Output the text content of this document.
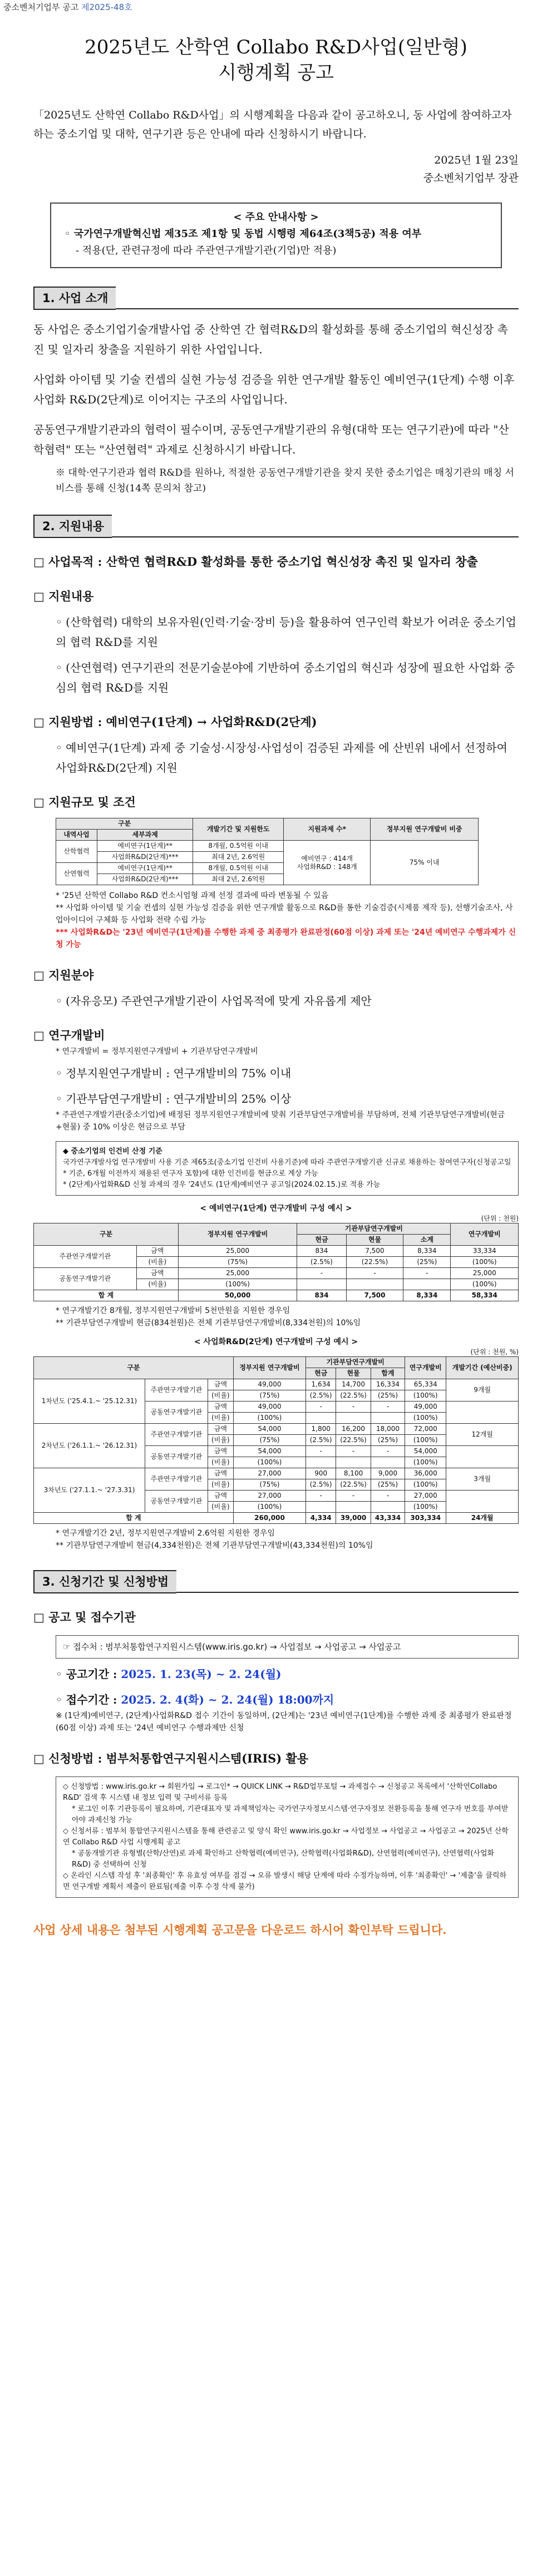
중소벤처기업부 공고 제2025-48호
2025년도 산학연 Collabo R&D사업(일반형)
시행계획 공고
「2025년도 산학연 Collabo R&D사업」의 시행계획을 다음과 같이 공고하오니, 동 사업에 참여하고자 하는 중소기업 및 대학, 연구기관 등은 안내에 따라 신청하시기 바랍니다.
2025년 1월 23일
중소벤처기업부 장관
< 주요 안내사항 >
◦ 국가연구개발혁신법 제35조 제1항 및 동법 시행령 제64조(3책5공) 적용 여부
- 적용(단, 관련규정에 따라 주관연구개발기관(기업)만 적용)
1. 사업 소개
동 사업은 중소기업기술개발사업 중 산학연 간 협력R&D의 활성화를 통해 중소기업의 혁신성장 촉진 및 일자리 창출을 지원하기 위한 사업입니다.
사업화 아이템 및 기술 컨셉의 실현 가능성 검증을 위한 연구개발 활동인 예비연구(1단계) 수행 이후 사업화 R&D(2단계)로 이어지는 구조의 사업입니다.
공동연구개발기관과의 협력이 필수이며, 공동연구개발기관의 유형(대학 또는 연구기관)에 따라 "산학협력" 또는 "산연협력" 과제로 신청하시기 바랍니다.
※ 대학·연구기관과 협력 R&D를 원하나, 적절한 공동연구개발기관을 찾지 못한 중소기업은 매칭기관의 매칭 서비스를 통해 신청(14쪽 문의처 참고)
2. 지원내용
□ 사업목적 : 산학연 협력R&D 활성화를 통한 중소기업 혁신성장 촉진 및 일자리 창출
□ 지원내용
◦ (산학협력) 대학의 보유자원(인력·기술·장비 등)을 활용하여 연구인력 확보가 어려운 중소기업의 협력 R&D를 지원
◦ (산연협력) 연구기관의 전문기술분야에 기반하여 중소기업의 혁신과 성장에 필요한 사업화 중심의 협력 R&D를 지원
□ 지원방법 : 예비연구(1단계) → 사업화R&D(2단계)
◦ 예비연구(1단계) 과제 중 기술성·시장성·사업성이 검증된 과제를 에 산빈위 내에서 선정하여 사업화R&D(2단계) 지원
□ 지원규모 및 조건
구분		개발기간 및 지원한도	지원과제 수*	정부지원 연구개발비 비중
내역사업	세부과제			
산학협력	예비연구(1단계)**	8개월, 0.5억원 이내	예비연구 : 414개
사업화R&D : 148개	75% 이내
	사업화R&D(2단계)***	최대 2년, 2.6억원		
산연협력	예비연구(1단계)**	8개월, 0.5억원 이내		
	사업화R&D(2단계)***	최대 2년, 2.6억원		
* '25년 산학연 Collabo R&D 컨소시엄형 과제 선정 결과에 따라 변동될 수 있음
** 사업화 아이템 및 기술 컨셉의 실현 가능성 검증을 위한 연구개발 활동으로 R&D를 통한 기술검증(시제품 제작 등), 선행기술조사, 사업아이디어 구체화 등 사업화 전략 수립 가능
*** 사업화R&D는 '23년 예비연구(1단계)를 수행한 과제 중 최종평가 완료판정(60점 이상) 과제 또는 '24년 예비연구 수행과제가 신청 가능
□ 지원분야
◦ (자유응모) 주관연구개발기관이 사업목적에 맞게 자유롭게 제안
□ 연구개발비
* 연구개발비 = 정부지원연구개발비 + 기관부담연구개발비
◦ 정부지원연구개발비 : 연구개발비의 75% 이내
◦ 기관부담연구개발비 : 연구개발비의 25% 이상
* 주관연구개발기관(중소기업)에 배정된 정부지원연구개발비에 맞춰 기관부담연구개발비를 부담하며, 전체 기관부담연구개발비(현금+현물) 중 10% 이상은 현금으로 부담
◆ 중소기업의 인건비 산정 기준
국가연구개발사업 연구개발비 사용 기준 제65조(중소기업 인건비 사용기준)에 따라 주관연구개발기관 신규로 채용하는 참여연구자(신청공고일* 기준, 6개월 이전까지 채용된 연구자 포함)에 대한 인건비를 현금으로 계상 가능
* (2단계)사업화R&D 신청 과제의 경우 '24년도 (1단계)예비연구 공고일(2024.02.15.)로 적용 가능
< 예비연구(1단계) 연구개발비 구성 예시 >
(단위 : 천원)
구분		정부지원 연구개발비	기관부담연구개발비			연구개발비
			현금	현물	소계	
주관연구개발기관	금액	25,000	834	7,500	8,334	33,334
	(비율)	(75%)	(2.5%)	(22.5%)	(25%)	(100%)
공동연구개발기관	금액	25,000	-	-	-	25,000
	(비율)	(100%)				(100%)
합 계		50,000	834	7,500	8,334	58,334
* 연구개발기간 8개월, 정부지원연구개발비 5천만원을 지원한 경우임
** 기관부담연구개발비 현금(834천원)은 전체 기관부담연구개발비(8,334천원)의 10%임
< 사업화R&D(2단계) 연구개발비 구성 예시 >
(단위 : 천원, %)
구분			정부지원 연구개발비	기관부담연구개발비			연구개발비	개발기간 (예산비중)
				현금	현물	합계		
1차년도 ('25.4.1.~ '25.12.31)	주관연구개발기관	금액	49,000	1,634	14,700	16,334	65,334	9개월
		(비율)	(75%)	(2.5%)	(22.5%)	(25%)	(100%)	
	공동연구개발기관	금액	49,000	-	-	-	49,000	
		(비율)	(100%)				(100%)	
2차년도 ('26.1.1.~ '26.12.31)	주관연구개발기관	금액	54,000	1,800	16,200	18,000	72,000	12개월
		(비율)	(75%)	(2.5%)	(22.5%)	(25%)	(100%)	
	공동연구개발기관	금액	54,000	-	-	-	54,000	
		(비율)	(100%)				(100%)	
3차년도 ('27.1.1.~ '27.3.31)	주관연구개발기관	금액	27,000	900	8,100	9,000	36,000	3개월
		(비율)	(75%)	(2.5%)	(22.5%)	(25%)	(100%)	
	공동연구개발기관	금액	27,000	-	-	-	27,000	
		(비율)	(100%)				(100%)	
합 계			260,000	4,334	39,000	43,334	303,334	24개월
* 연구개발기간 2년, 정부지원연구개발비 2.6억원 지원한 경우임
** 기관부담연구개발비 현금(4,334천원)은 전체 기관부담연구개발비(43,334천원)의 10%임
3. 신청기간 및 신청방법
□ 공고 및 접수기관
☞ 접수처 : 범부처통합연구지원시스템(www.iris.go.kr) → 사업접보 → 사업공고 → 사업공고
◦ 공고기간 : 2025. 1. 23(목) ~ 2. 24(월)
◦ 접수기간 : 2025. 2. 4(화) ~ 2. 24(월) 18:00까지
※ (1단계)예비연구, (2단계)사업화R&D 접수 기간이 동일하며, (2단계)는 '23년 예비연구(1단계)를 수행한 과제 중 최종평가 완료판정(60점 이상) 과제 또는 '24년 예비연구 수행과제만 신청
□ 신청방법 : 범부처통합연구지원시스템(IRIS) 활용
◇ 신청방법 : www.iris.go.kr → 회원가입 → 로그인* → QUICK LINK → R&D업무포털 → 과제접수 → 신청공고 목록에서 '산학연Collabo R&D' 검색 후 시스템 내 정보 입력 및 구비서류 등록
* 로그인 이후 기관등록이 필요하며, 기관대표자 및 과제책임자는 국가연구자정보시스템·연구자정보 전환등록을 통해 연구자 번호를 부여받아야 과제신청 가능
◇ 신청서류 : 범부처 통합연구지원시스템을 통해 관련공고 및 양식 확인 www.iris.go.kr → 사업정보 → 사업공고 → 사업공고 → 2025년 산학연 Collabo R&D 사업 시행계획 공고
* 공동개발기관 유형별(산학/산연)로 과제 확인하고 산학협력(예비연구), 산학협력(사업화R&D), 산연협력(예비연구), 산연협력(사업화R&D) 중 선택하여 신청
◇ 온라인 시스템 작성 후 '최종확인' 후 유효성 여부를 점검 → 오류 발생시 해당 단계에 따라 수정가능하며, 이후 '최종확인' → '제출'을 클릭하면 연구개발 계획서 제출이 완료됨(제출 이후 수정 삭제 불가)
사업 상세 내용은 첨부된 시행계획 공고문을 다운로드 하시어 확인부탁 드립니다.
